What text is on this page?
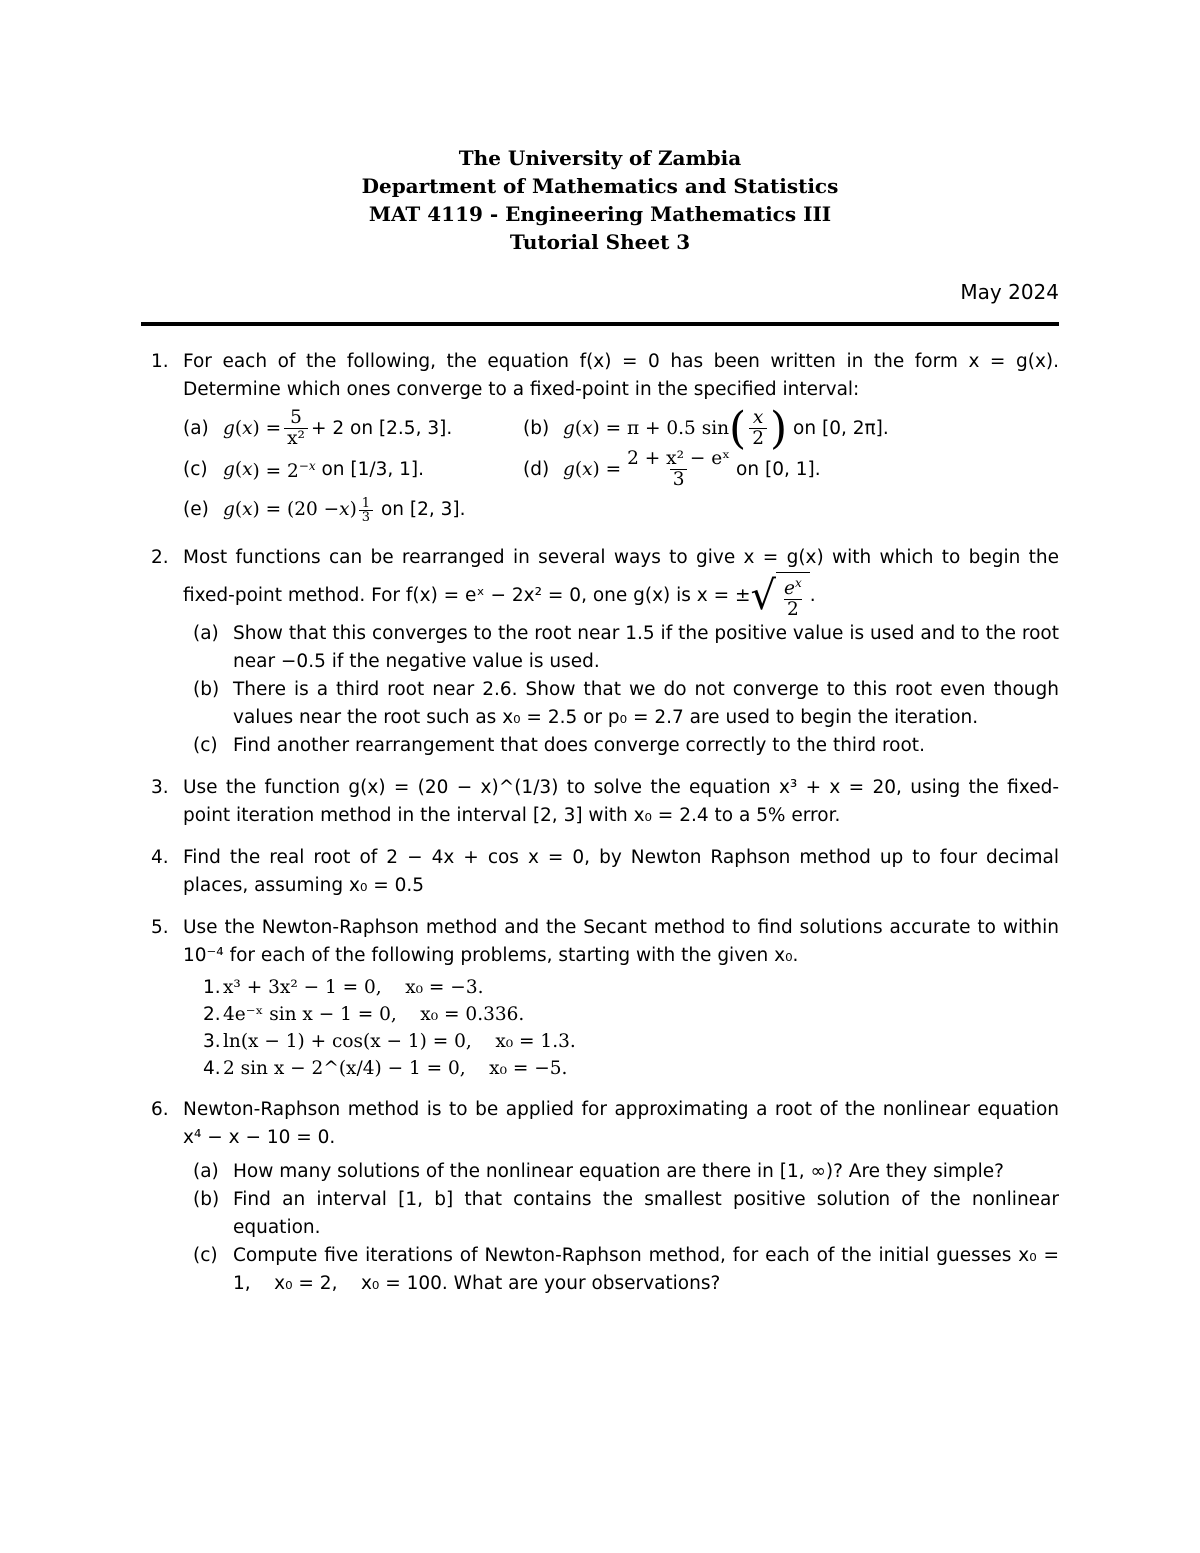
The University of Zambia
Department of Mathematics and Statistics
MAT 4119 - Engineering Mathematics III
Tutorial Sheet 3
May 2024
1. For each of the following, the equation f(x) = 0 has been written in the form x = g(x). Determine which ones converge to a fixed-point in the specified interval:
(a) g ( x ) = $\frac{5}{\text{x²}} + 2$ on [2.5, 3].	(b) g ( x ) = π + 0.5 sin ( $\frac{x}{2}$ )
on [0, 2π].
(c) g ( x ) = $2^{-x}$
on [1/3, 1].	(d) g ( x ) = $\frac{\text{2 + x² − eˣ}}{3}$ on [0, 1].
(e) g ( x ) = (20 − x ) $\frac{1}{3}$
on [2, 3].
2. Most functions can be rearranged in several ways to give x = g(x) with which to begin the fixed-point method. For f(x) = eˣ − 2x² = 0, one g(x) is x = ± √ $\frac{e^x}{2}$ .
(a) Show that this converges to the root near 1.5 if the positive value is used and to the root near −0.5 if the negative value is used.
(b) There is a third root near 2.6. Show that we do not converge to this root even though values near the root such as x₀ = 2.5 or p₀ = 2.7 are used to begin the iteration.
(c) Find another rearrangement that does converge correctly to the third root.
3. Use the function g(x) = (20 − x)^(1/3) to solve the equation x³ + x = 20, using the fixed-point iteration method in the interval [2, 3] with x₀ = 2.4 to a 5% error.
4. Find the real root of 2 − 4x + cos x = 0, by Newton Raphson method up to four decimal places, assuming x₀ = 0.5
5. Use the Newton-Raphson method and the Secant method to find solutions accurate to within 10⁻⁴ for each of the following problems, starting with the given x₀.
1. x³ + 3x² − 1 = 0,    x₀ = −3.
2. 4e⁻ˣ sin x − 1 = 0,    x₀ = 0.336.
3. ln(x − 1) + cos(x − 1) = 0,    x₀ = 1.3.
4. 2 sin x − 2^(x/4) − 1 = 0,    x₀ = −5.
6. Newton-Raphson method is to be applied for approximating a root of the nonlinear equation x⁴ − x − 10 = 0.
(a) How many solutions of the nonlinear equation are there in [1, ∞)? Are they simple?
(b) Find an interval [1, b] that contains the smallest positive solution of the nonlinear equation.
(c) Compute five iterations of Newton-Raphson method, for each of the initial guesses x₀ = 1,    x₀ = 2,    x₀ = 100. What are your observations?
